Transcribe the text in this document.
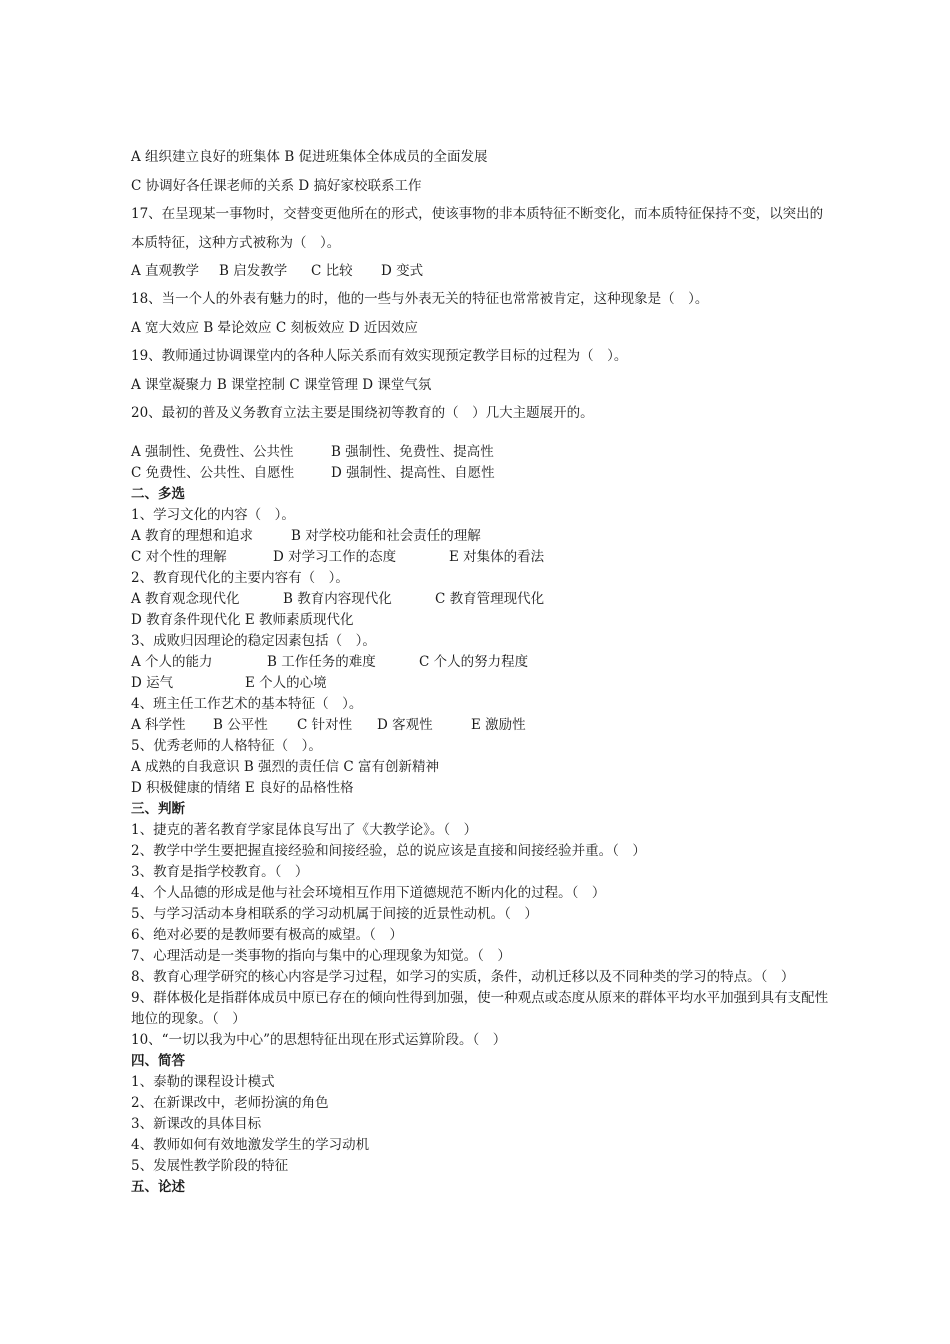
A 组织建立良好的班集体 B 促进班集体全体成员的全面发展
C 协调好各任课老师的关系 D 搞好家校联系工作
17、在呈现某一事物时，交替变更他所在的形式，使该事物的非本质特征不断变化，而本质特征保持不变，以突出的
本质特征，这种方式被称为（　）。
A 直观教学 B 启发教学 C 比较 D 变式
18、当一个人的外表有魅力的时，他的一些与外表无关的特征也常常被肯定，这种现象是（　）。
A 宽大效应 B 晕论效应 C 刻板效应 D 近因效应
19、教师通过协调课堂内的各种人际关系而有效实现预定教学目标的过程为（　）。
A 课堂凝聚力 B 课堂控制 C 课堂管理 D 课堂气氛
20、最初的普及义务教育立法主要是围绕初等教育的（　）几大主题展开的。
A 强制性、免费性、公共性	B 强制性、免费性、提高性
C 免费性、公共性、自愿性	D 强制性、提高性、自愿性
二、多选
1、学习文化的内容（　）。
A 教育的理想和追求	B 对学校功能和社会责任的理解
C 对个性的理解	D 对学习工作的态度	E 对集体的看法
2、教育现代化的主要内容有（　）。
A 教育观念现代化	B 教育内容现代化	C 教育管理现代化
D 教育条件现代化 E 教师素质现代化
3、成败归因理论的稳定因素包括（　）。
A 个人的能力	B 工作任务的难度	C 个人的努力程度
D 运气	E 个人的心境
4、班主任工作艺术的基本特征（　）。
A 科学性 B 公平性 C 针对性 D 客观性	E 激励性
5、优秀老师的人格特征（　）。
A 成熟的自我意识 B 强烈的责任信 C 富有创新精神
D 积极健康的情绪 E 良好的品格性格
三、判断
1、捷克的著名教育学家昆体良写出了《大教学论》。（　）
2、教学中学生要把握直接经验和间接经验，总的说应该是直接和间接经验并重。（　）
3、教育是指学校教育。（　）
4、个人品德的形成是他与社会环境相互作用下道德规范不断内化的过程。（　）
5、与学习活动本身相联系的学习动机属于间接的近景性动机。（　）
6、绝对必要的是教师要有极高的威望。（　）
7、心理活动是一类事物的指向与集中的心理现象为知觉。（　）
8、教育心理学研究的核心内容是学习过程，如学习的实质，条件，动机迁移以及不同种类的学习的特点。（　）
9、群体极化是指群体成员中原已存在的倾向性得到加强，使一种观点或态度从原来的群体平均水平加强到具有支配性
地位的现象。（　）
10、“一切以我为中心”的思想特征出现在形式运算阶段。（　）
四、简答
1、泰勒的课程设计模式
2、在新课改中，老师扮演的角色
3、新课改的具体目标
4、教师如何有效地激发学生的学习动机
5、发展性教学阶段的特征
五、论述
